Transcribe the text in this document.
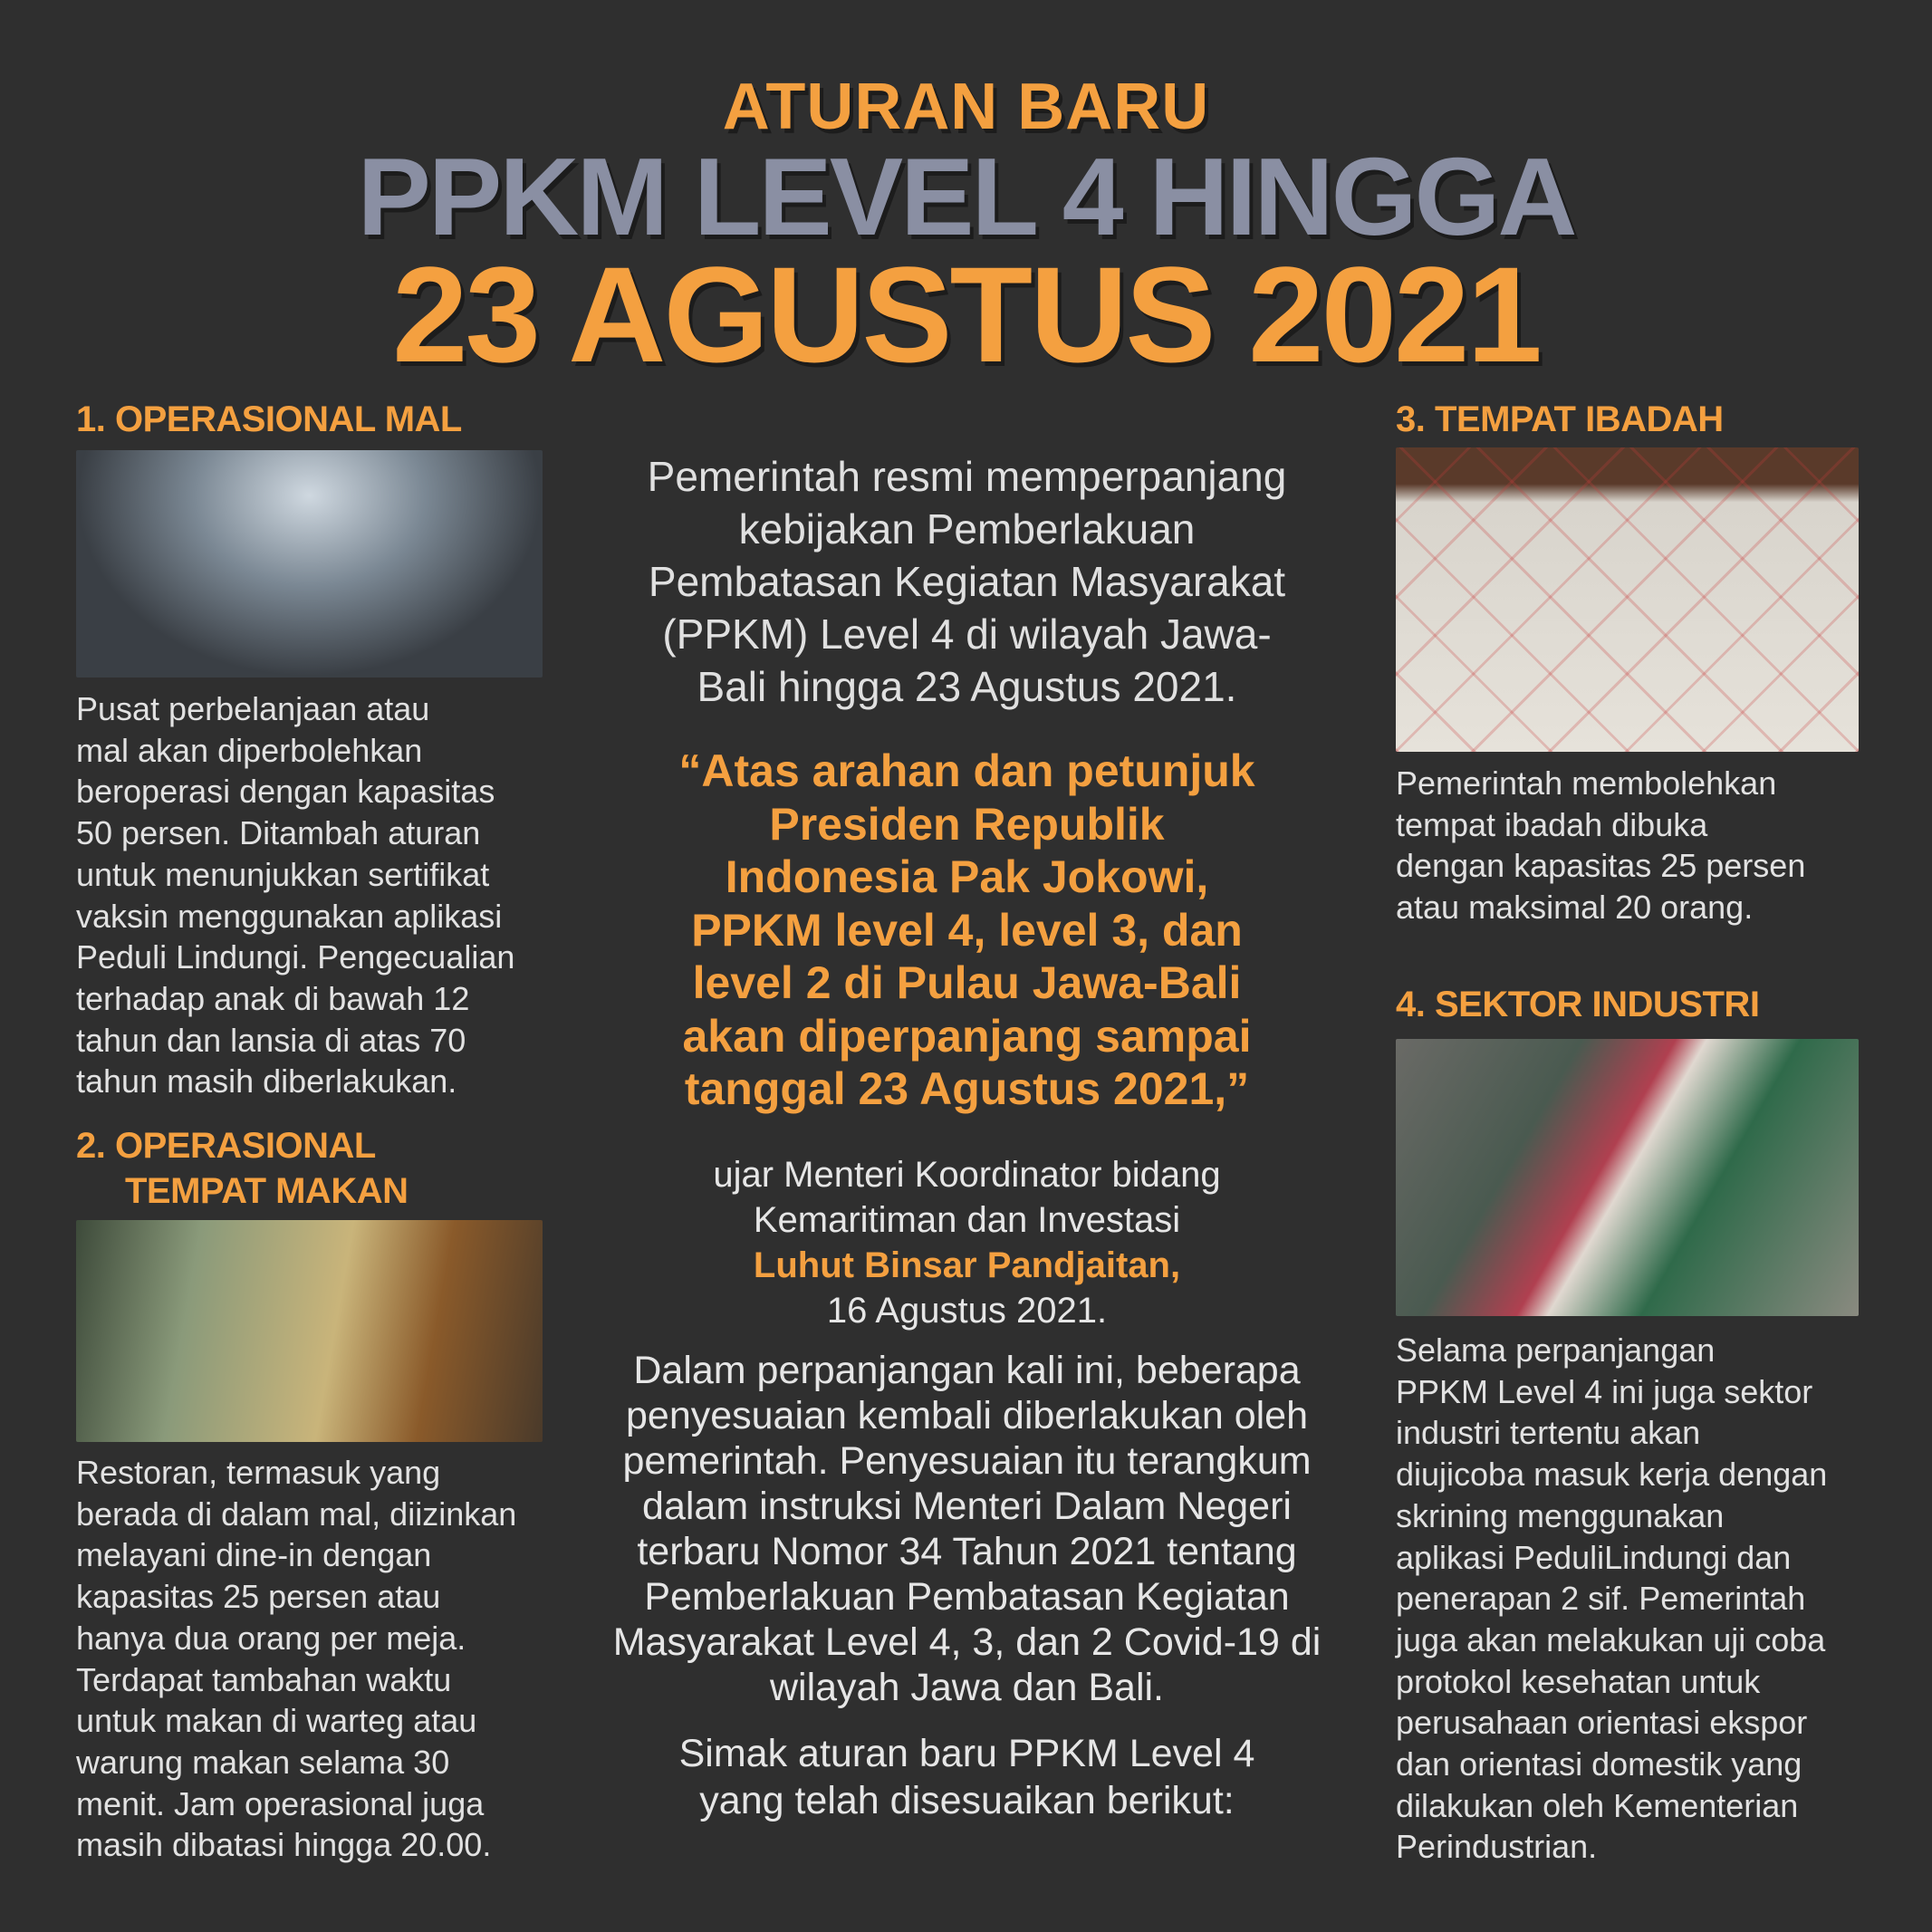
ATURAN BARU
PPKM LEVEL 4 HINGGA
23 AGUSTUS 2021
1. OPERASIONAL MAL
Pusat perbelanjaan atau
mal akan diperbolehkan
beroperasi dengan kapasitas
50 persen. Ditambah aturan
untuk menunjukkan sertifikat
vaksin menggunakan aplikasi
Peduli Lindungi. Pengecualian
terhadap anak di bawah 12
tahun dan lansia di atas 70
tahun masih diberlakukan.
2. OPERASIONAL
TEMPAT MAKAN
Restoran, termasuk yang
berada di dalam mal, diizinkan
melayani dine-in dengan
kapasitas 25 persen atau
hanya dua orang per meja.
Terdapat tambahan waktu
untuk makan di warteg atau
warung makan selama 30
menit. Jam operasional juga
masih dibatasi hingga 20.00.
Pemerintah resmi memperpanjang
kebijakan Pemberlakuan
Pembatasan Kegiatan Masyarakat
(PPKM) Level 4 di wilayah Jawa-
Bali hingga 23 Agustus 2021.
“Atas arahan dan petunjuk
Presiden Republik
Indonesia Pak Jokowi,
PPKM level 4, level 3, dan
level 2 di Pulau Jawa-Bali
akan diperpanjang sampai
tanggal 23 Agustus 2021,”
ujar Menteri Koordinator bidang
Kemaritiman dan Investasi
Luhut Binsar Pandjaitan,
16 Agustus 2021.
Dalam perpanjangan kali ini, beberapa
penyesuaian kembali diberlakukan oleh
pemerintah. Penyesuaian itu terangkum
dalam instruksi Menteri Dalam Negeri
terbaru Nomor 34 Tahun 2021 tentang
Pemberlakuan Pembatasan Kegiatan
Masyarakat Level 4, 3, dan 2 Covid-19 di
wilayah Jawa dan Bali.
Simak aturan baru PPKM Level 4
yang telah disesuaikan berikut:
3. TEMPAT IBADAH
Pemerintah membolehkan
tempat ibadah dibuka
dengan kapasitas 25 persen
atau maksimal 20 orang.
4. SEKTOR INDUSTRI
Selama perpanjangan
PPKM Level 4 ini juga sektor
industri tertentu akan
diujicoba masuk kerja dengan
skrining menggunakan
aplikasi PeduliLindungi dan
penerapan 2 sif. Pemerintah
juga akan melakukan uji coba
protokol kesehatan untuk
perusahaan orientasi ekspor
dan orientasi domestik yang
dilakukan oleh Kementerian
Perindustrian.
